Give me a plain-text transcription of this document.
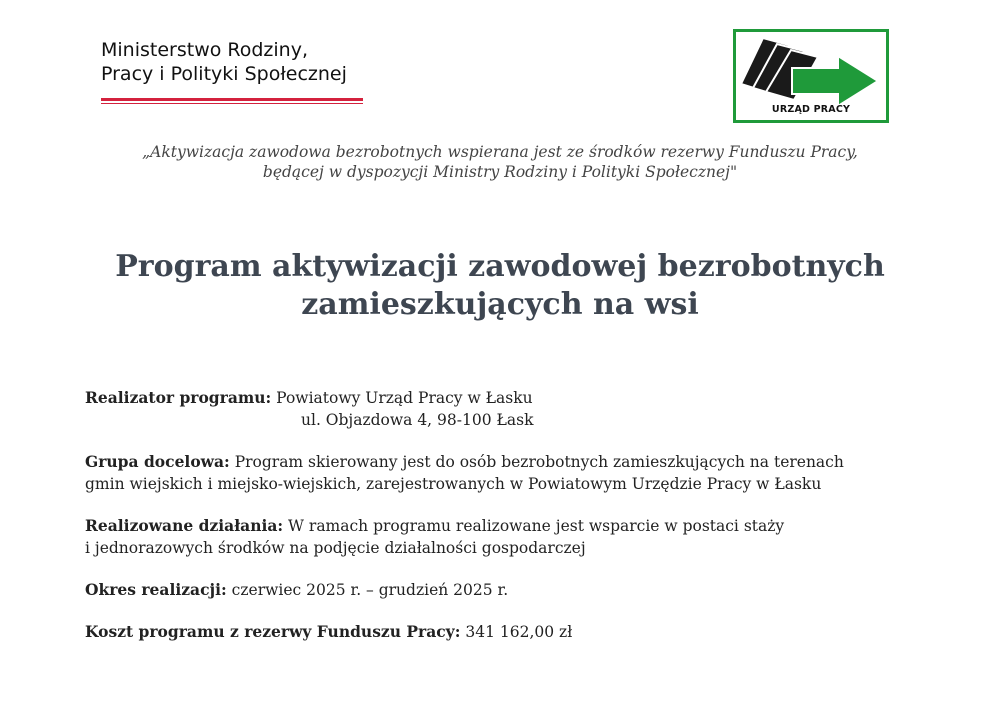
Ministerstwo Rodziny,
Pracy i Polityki Społecznej
URZĄD PRACY
„Aktywizacja zawodowa bezrobotnych wspierana jest ze środków rezerwy Funduszu Pracy,
będącej w dyspozycji Ministry Rodziny i Polityki Społecznej"
Program aktywizacji zawodowej bezrobotnych
zamieszkujących na wsi
Realizator programu: Powiatowy Urząd Pracy w Łasku
ul. Objazdowa 4, 98-100 Łask
Grupa docelowa: Program skierowany jest do osób bezrobotnych zamieszkujących na terenach
gmin wiejskich i miejsko-wiejskich, zarejestrowanych w Powiatowym Urzędzie Pracy w Łasku
Realizowane działania: W ramach programu realizowane jest wsparcie w postaci staży
i jednorazowych środków na podjęcie działalności gospodarczej
Okres realizacji: czerwiec 2025 r. – grudzień 2025 r.
Koszt programu z rezerwy Funduszu Pracy: 341 162,00 zł
